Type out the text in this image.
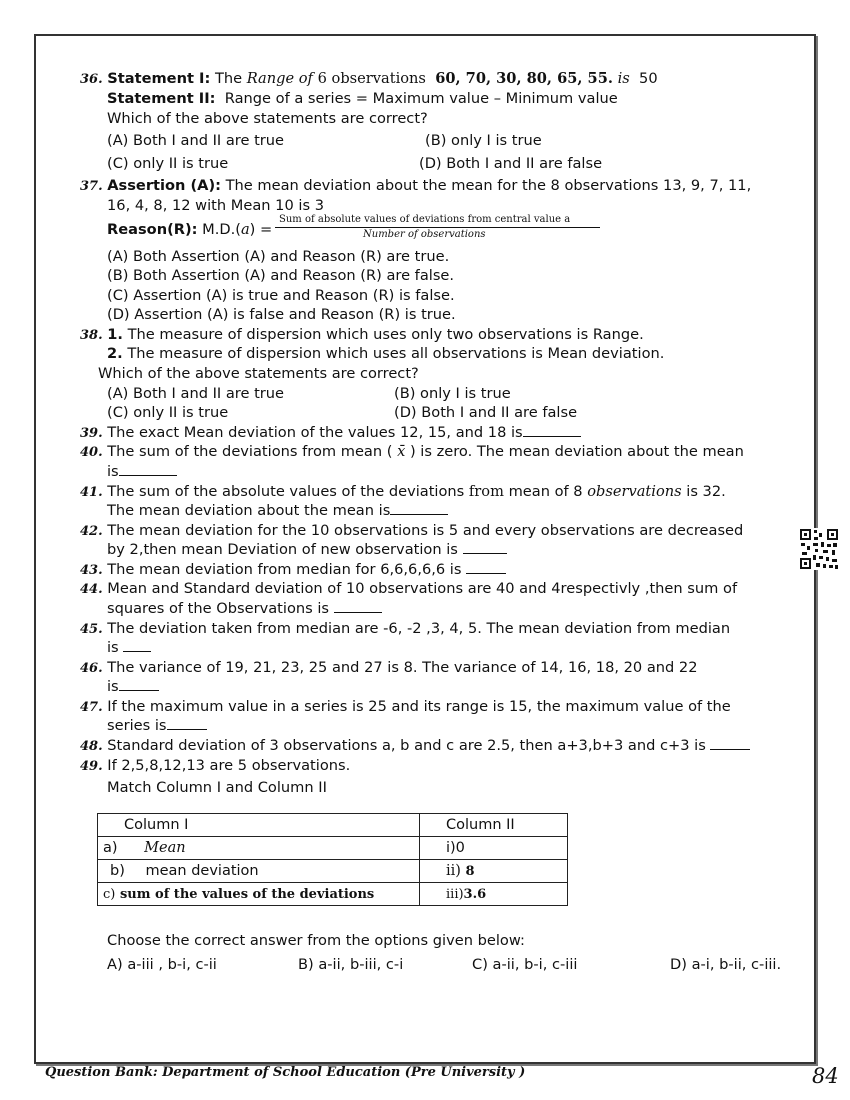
36. Statement I: The Range of 6 observations 60, 70, 30, 80, 65, 55. is 50
Statement II: Range of a series = Maximum value – Minimum value
Which of the above statements are correct?
(A) Both I and II are true	(B) only I is true
(C) only II is true	(D) Both I and II are false
37. Assertion (A): The mean deviation about the mean for the 8 observations 13, 9, 7, 11,
16, 4, 8, 12 with Mean 10 is 3
Reason(R): M.D.(a) =
Sum of absolute values of deviations from central value a
Number of observations
(A) Both Assertion (A) and Reason (R) are true.
(B) Both Assertion (A) and Reason (R) are false.
(C) Assertion (A) is true and Reason (R) is false.
(D) Assertion (A) is false and Reason (R) is true.
38. 1. The measure of dispersion which uses only two observations is Range.
2. The measure of dispersion which uses all observations is Mean deviation.
Which of the above statements are correct?
(A) Both I and II are true	(B) only I is true
(C) only II is true	(D) Both I and II are false
39. The exact Mean deviation of the values 12, 15, and 18 is
40. The sum of the deviations from mean ( x̄ ) is zero. The mean deviation about the mean
is
41. The sum of the absolute values of the deviations from mean of 8 observations is 32.
The mean deviation about the mean is
42. The mean deviation for the 10 observations is 5 and every observations are decreased
by 2,then mean Deviation of new observation is
43. The mean deviation from median for 6,6,6,6,6 is
44. Mean and Standard deviation of 10 observations are 40 and 4respectivly ,then sum of
squares of the Observations is
45. The deviation taken from median are -6, -2 ,3, 4, 5. The mean deviation from median
is
46. The variance of 19, 21, 23, 25 and 27 is 8. The variance of 14, 16, 18, 20 and 22
is
47. If the maximum value in a series is 25 and its range is 15, the maximum value of the
series is
48. Standard deviation of 3 observations a, b and c are 2.5, then a+3,b+3 and c+3 is
49. If 2,5,8,12,13 are 5 observations.
Match Column I and Column II
Column I	Column II
a) Mean	i)0
b) mean deviation	ii) 8
c) sum of the values of the deviations	iii)3.6
Choose the correct answer from the options given below:
A) a-iii , b-i, c-ii	B) a-ii, b-iii, c-i	C) a-ii, b-i, c-iii	D) a-i, b-ii, c-iii.
Question Bank: Department of School Education (Pre University )	84
